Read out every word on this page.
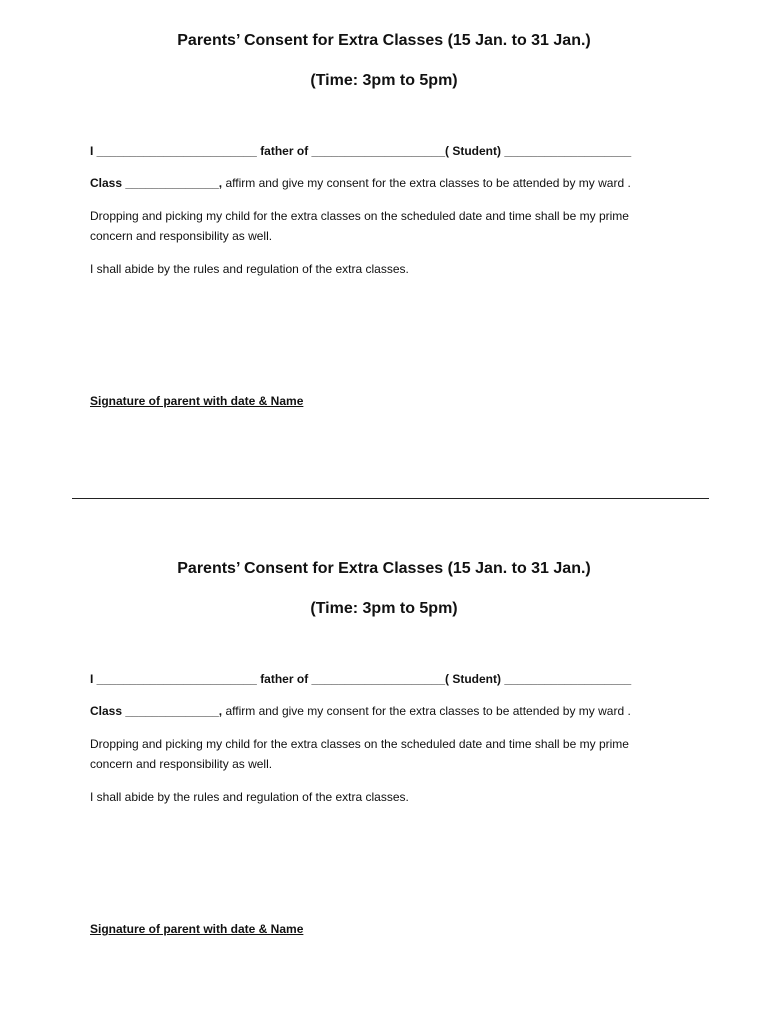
Parents’ Consent for Extra Classes (15 Jan. to 31 Jan.)
(Time: 3pm to 5pm)
I ________________________ father of ____________________( Student) ___________________
Class ______________, affirm and give my consent for the extra classes to be attended by my ward .
Dropping and picking my child for the extra classes on the scheduled date and time shall be my prime
concern and responsibility as well.
I shall abide by the rules and regulation of the extra classes.
Signature of parent with date & Name
Parents’ Consent for Extra Classes (15 Jan. to 31 Jan.)
(Time: 3pm to 5pm)
I ________________________ father of ____________________( Student) ___________________
Class ______________, affirm and give my consent for the extra classes to be attended by my ward .
Dropping and picking my child for the extra classes on the scheduled date and time shall be my prime
concern and responsibility as well.
I shall abide by the rules and regulation of the extra classes.
Signature of parent with date & Name
